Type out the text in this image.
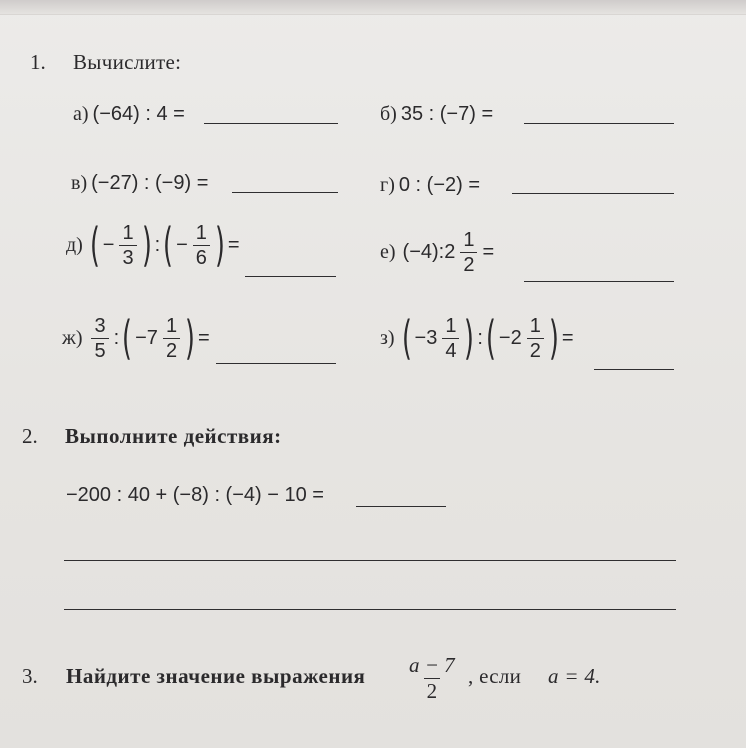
1. Вычислите:
а) (−64) : 4 =	б) 35 : (−7) =
в) (−27) : (−9) =	г) 0 : (−2) =
д) ( − $\frac{1}{3}$ ) : ( − $\frac{1}{6}$ ) =	е) (−4):2 $\frac{1}{2}$ =
$ж) \frac{3}{5}$ : ( $-7 \frac{1}{2}$ ) =	з) ( $-3 \frac{1}{4}$ ) : ( $-2 \frac{1}{2}$ ) =
2. Выполните действия:
−200 : 40 + (−8) : (−4) − 10 =
3. Найдите значение выражения $\frac{a - 7}{2}$ , если a = 4.
